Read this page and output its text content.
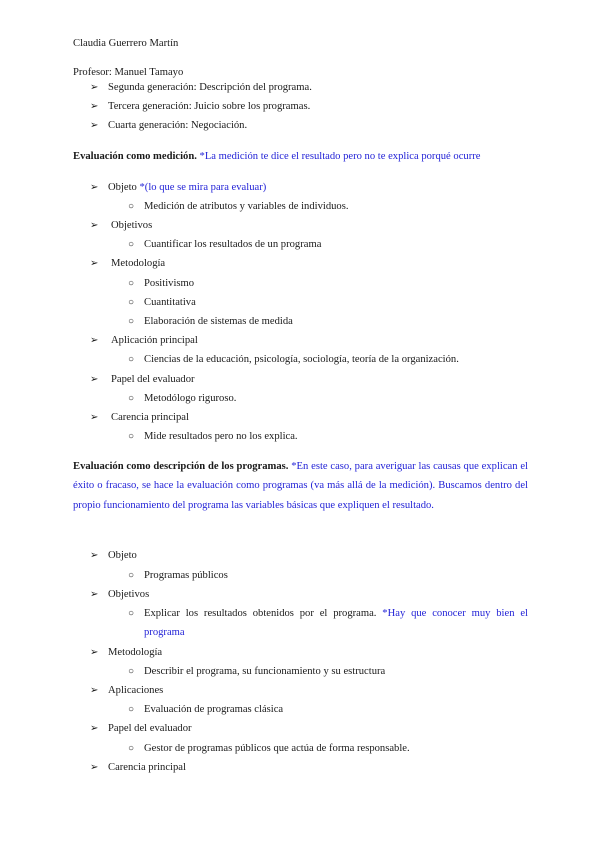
Claudia Guerrero Martín
Profesor: Manuel Tamayo
➢ Segunda generación: Descripción del programa.
➢ Tercera generación: Juicio sobre los programas.
➢ Cuarta generación: Negociación.
Evaluación como medición. *La medición te dice el resultado pero no te explica porqué ocurre
➢ Objeto *(lo que se mira para evaluar)
○ Medición de atributos y variables de individuos.
➢ Objetivos
○ Cuantificar los resultados de un programa
➢ Metodología
○ Positivismo
○ Cuantitativa
○ Elaboración de sistemas de medida
➢ Aplicación principal
○ Ciencias de la educación, psicología, sociología, teoría de la organización.
➢ Papel del evaluador
○ Metodólogo riguroso.
➢ Carencia principal
○ Mide resultados pero no los explica.
Evaluación como descripción de los programas. *En este caso, para averiguar las causas que explican el éxito o fracaso, se hace la evaluación como programas (va más allá de la medición). Buscamos dentro del propio funcionamiento del programa las variables básicas que expliquen el resultado.
➢ Objeto
○ Programas públicos
➢ Objetivos
○ Explicar los resultados obtenidos por el programa. *Hay que conocer muy bien el programa
➢ Metodología
○ Describir el programa, su funcionamiento y su estructura
➢ Aplicaciones
○ Evaluación de programas clásica
➢ Papel del evaluador
○ Gestor de programas públicos que actúa de forma responsable.
➢ Carencia principal
